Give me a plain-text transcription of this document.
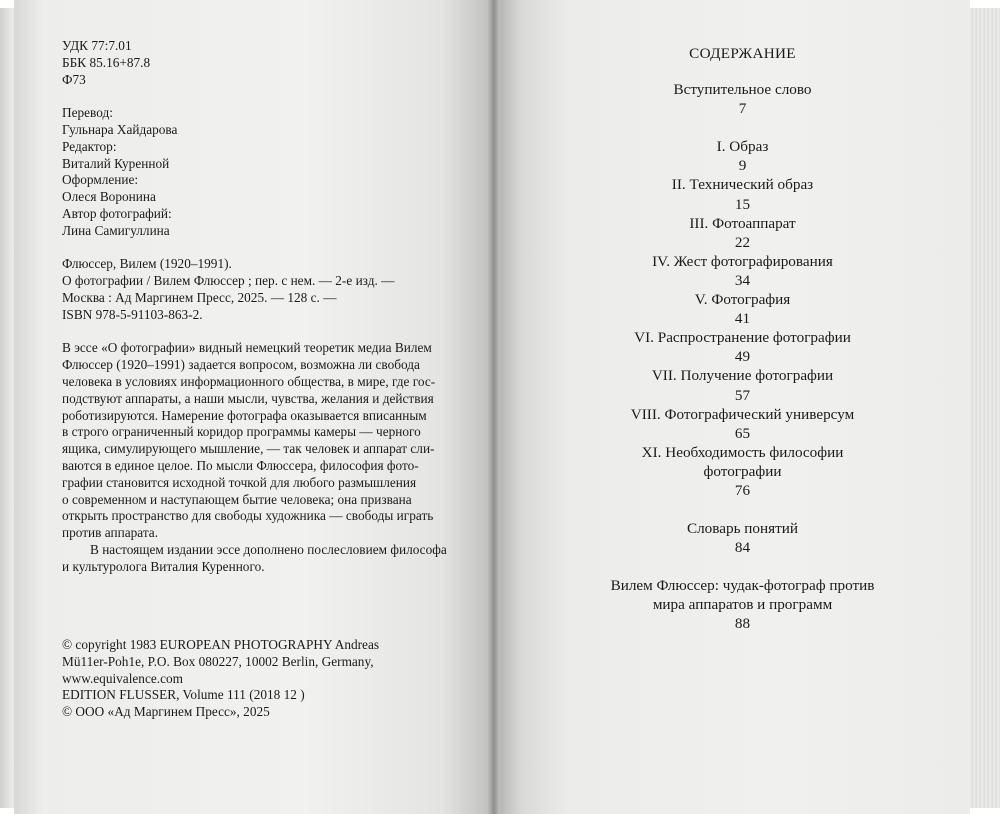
УДК 77:7.01
ББК 85.16+87.8
Ф73
Перевод:
Гульнара Хайдарова
Редактор:
Виталий Куренной
Оформление:
Олеся Воронина
Автор фотографий:
Лина Самигуллина
Флюссер, Вилем (1920–1991).
О фотографии / Вилем Флюссер ; пер. с нем. — 2-е изд. —
Москва : Ад Маргинем Пресс, 2025. — 128 с. —
ISBN 978-5-91103-863-2.
В эссе «О фотографии» видный немецкий теоретик медиа Вилем
Флюссер (1920–1991) задается вопросом, возможна ли свобода
человека в условиях информационного общества, в мире, где гос-
подствуют аппараты, а наши мысли, чувства, желания и действия
роботизируются. Намерение фотографа оказывается вписанным
в строго ограниченный коридор программы камеры — черного
ящика, симулирующего мышление, — так человек и аппарат сли-
ваются в единое целое. По мысли Флюссера, философия фото-
графии становится исходной точкой для любого размышления
о современном и наступающем бытие человека; она призвана
открыть пространство для свободы художника — свободы играть
против аппарата.
В настоящем издании эссе дополнено послесловием философа
и культуролога Виталия Куренного.
© copyright 1983 EUROPEAN PHOTOGRAPHY Andreas
Mü11er-Poh1e, P.O. Box 080227, 10002 Berlin, Germany,
www.equivalence.com
EDITION FLUSSER, Volume 111 (2018 12 )
© ООО «Ад Маргинем Пресс», 2025
СОДЕРЖАНИЕ
Вступительное слово
7
I. Образ
9
II. Технический образ
15
III. Фотоаппарат
22
IV. Жест фотографирования
34
V. Фотография
41
VI. Распространение фотографии
49
VII. Получение фотографии
57
VIII. Фотографический универсум
65
XI. Необходимость философии
фотографии
76
Словарь понятий
84
Вилем Флюссер: чудак-фотограф против
мира аппаратов и программ
88
